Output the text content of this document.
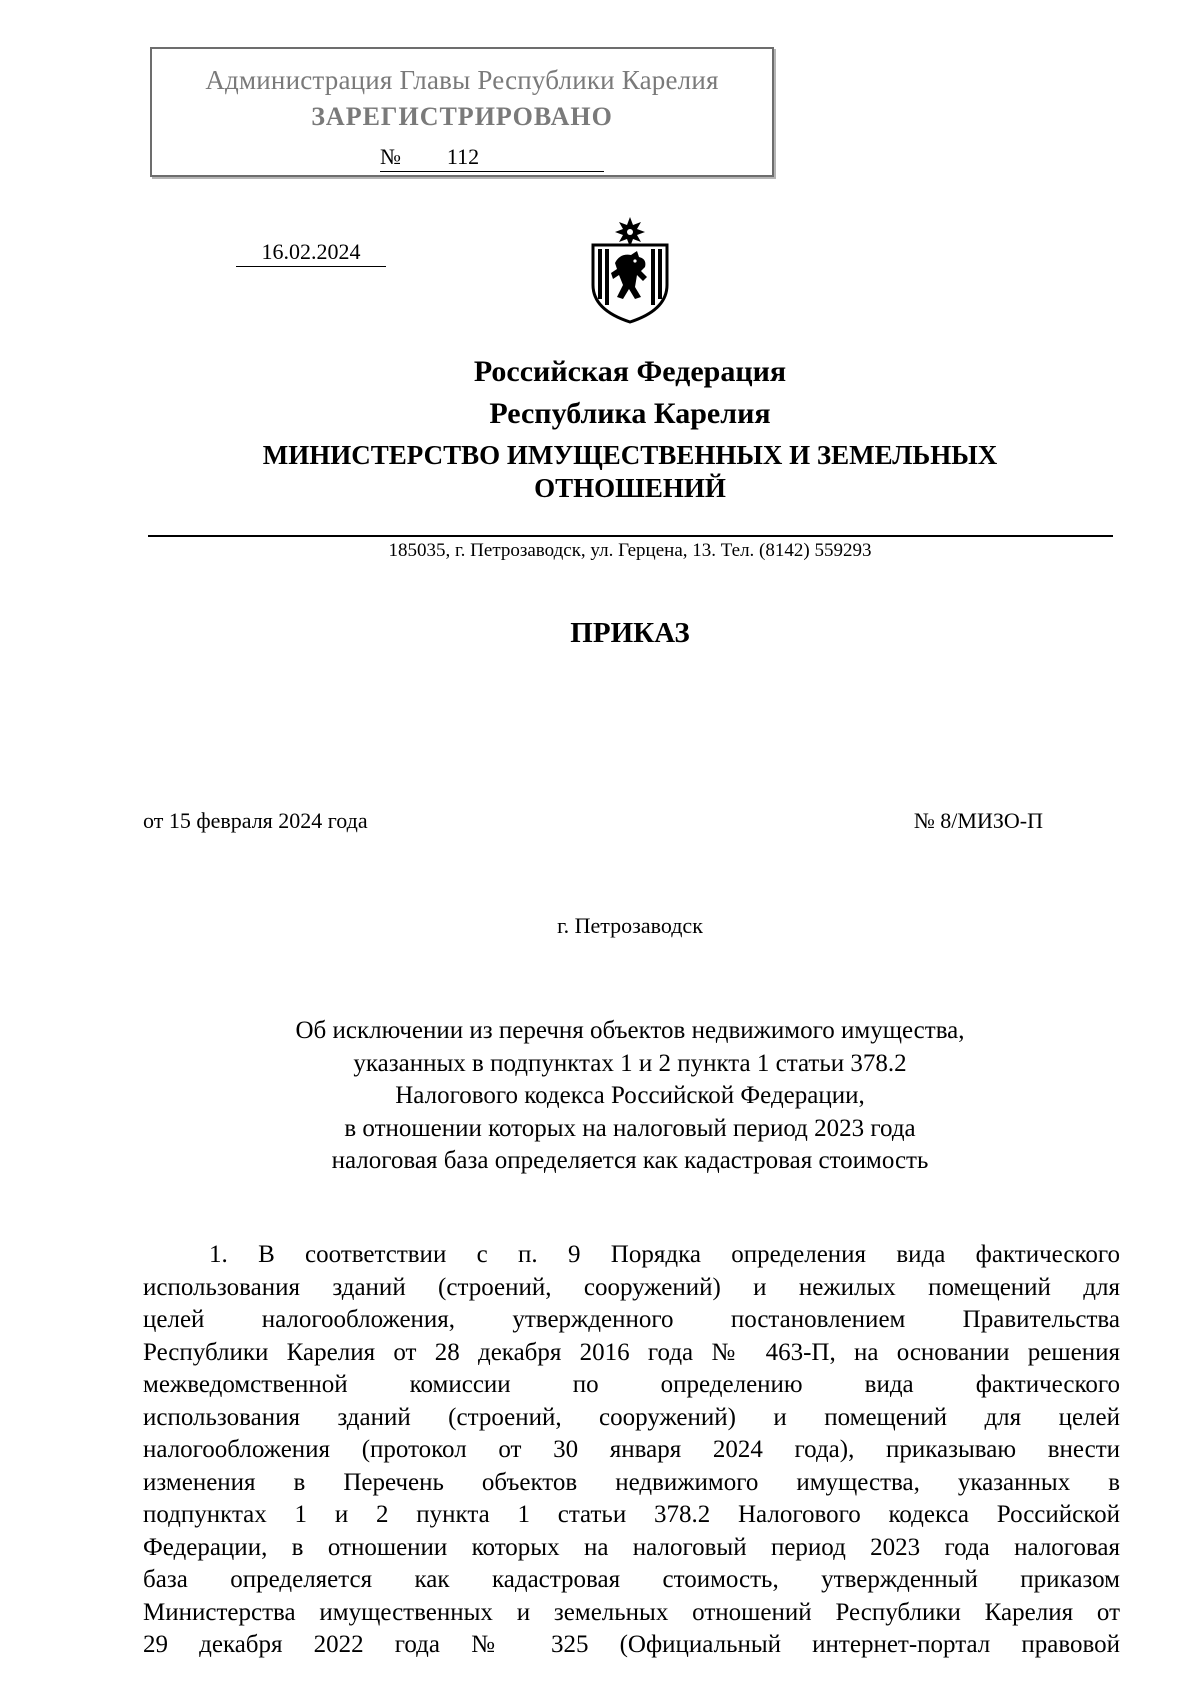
Администрация Главы Республики Карелия
ЗАРЕГИСТРИРОВАНО
16.02.2024
№	112
Российская Федерация
Республика Карелия
МИНИСТЕРСТВО ИМУЩЕСТВЕННЫХ И ЗЕМЕЛЬНЫХ
ОТНОШЕНИЙ
185035, г. Петрозаводск, ул. Герцена, 13. Тел. (8142) 559293
ПРИКАЗ
от 15 февраля 2024 года	№ 8/МИЗО-П
г. Петрозаводск
Об исключении из перечня объектов недвижимого имущества,
указанных в подпунктах 1 и 2 пункта 1 статьи 378.2
Налогового кодекса Российской Федерации,
в отношении которых на налоговый период 2023 года
налоговая база определяется как кадастровая стоимость
1. В соответствии с п. 9 Порядка определения вида фактического
использования зданий (строений, сооружений) и нежилых помещений для
целей налогообложения, утвержденного постановлением Правительства
Республики Карелия от 28 декабря 2016 года № 463-П, на основании решения
межведомственной комиссии по определению вида фактического
использования зданий (строений, сооружений) и помещений для целей
налогообложения (протокол от 30 января 2024 года), приказываю внести
изменения в Перечень объектов недвижимого имущества, указанных в
подпунктах 1 и 2 пункта 1 статьи 378.2 Налогового кодекса Российской
Федерации, в отношении которых на налоговый период 2023 года налоговая
база определяется как кадастровая стоимость, утвержденный приказом
Министерства имущественных и земельных отношений Республики Карелия от
29 декабря 2022 года № 325 (Официальный интернет-портал правовой
